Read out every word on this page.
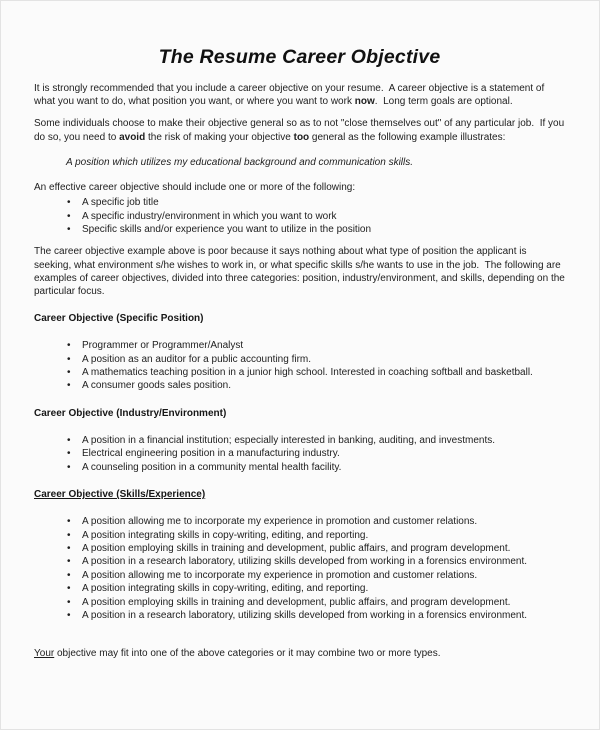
The Resume Career Objective

It is strongly recommended that you include a career objective on your resume.  A career objective is a statement of what you want to do, what position you want, or where you want to work now.  Long term goals are optional.

Some individuals choose to make their objective general so as to not "close themselves out" of any particular job.  If you do so, you need to avoid the risk of making your objective too general as the following example illustrates:

A position which utilizes my educational background and communication skills.

An effective career objective should include one or more of the following:

• A specific job title
• A specific industry/environment in which you want to work
• Specific skills and/or experience you want to utilize in the position

The career objective example above is poor because it says nothing about what type of position the applicant is seeking, what environment s/he wishes to work in, or what specific skills s/he wants to use in the job.  The following are examples of career objectives, divided into three categories: position, industry/environment, and skills, depending on the particular focus.

Career Objective (Specific Position)
• Programmer or Programmer/Analyst
• A position as an auditor for a public accounting firm.
• A mathematics teaching position in a junior high school. Interested in coaching softball and basketball.
• A consumer goods sales position.
Career Objective (Industry/Environment)
• A position in a financial institution; especially interested in banking, auditing, and investments.
• Electrical engineering position in a manufacturing industry.
• A counseling position in a community mental health facility.
Career Objective (Skills/Experience)
• A position allowing me to incorporate my experience in promotion and customer relations.
• A position integrating skills in copy-writing, editing, and reporting.
• A position employing skills in training and development, public affairs, and program development.
• A position in a research laboratory, utilizing skills developed from working in a forensics environment.
• A position allowing me to incorporate my experience in promotion and customer relations.
• A position integrating skills in copy-writing, editing, and reporting.
• A position employing skills in training and development, public affairs, and program development.
• A position in a research laboratory, utilizing skills developed from working in a forensics environment.

Your objective may fit into one of the above categories or it may combine two or more types.
